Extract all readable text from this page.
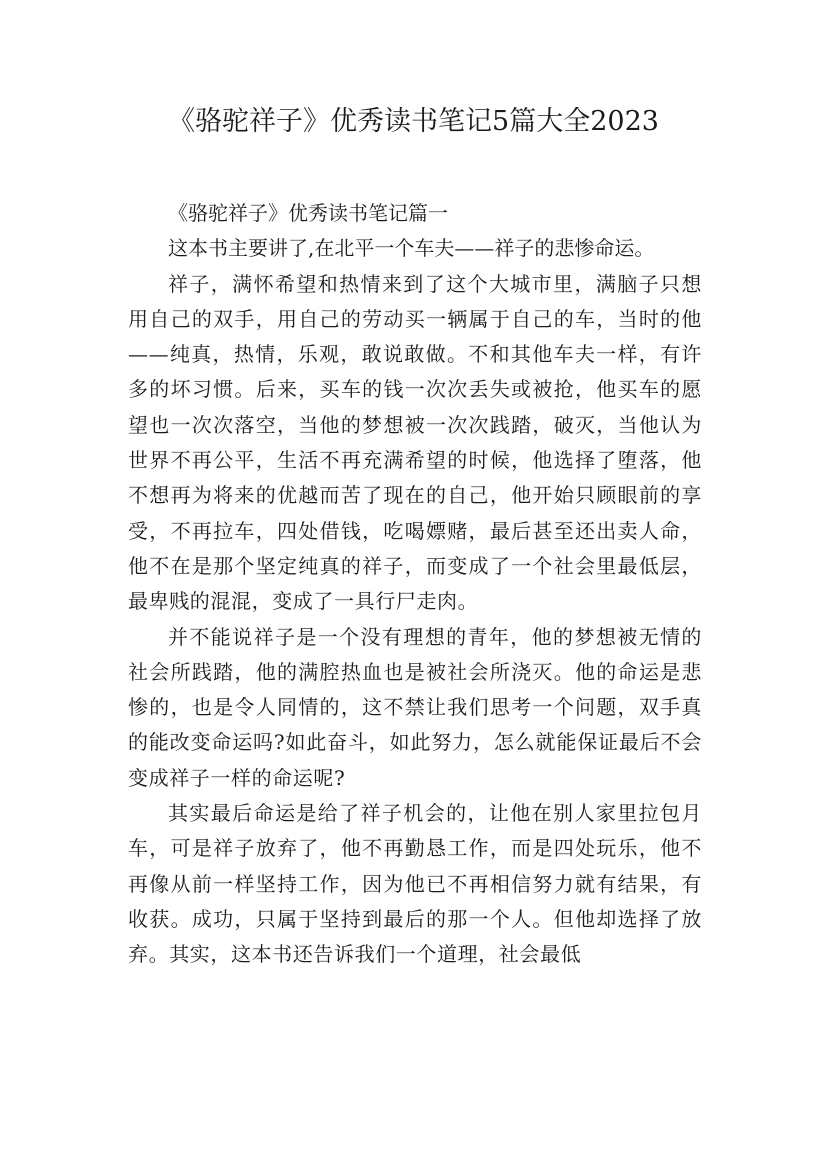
《骆驼祥子》优秀读书笔记5篇大全2023

《骆驼祥子》优秀读书笔记篇一

这本书主要讲了,在北平一个车夫——祥子的悲惨命运。

祥子，满怀希望和热情来到了这个大城市里，满脑子只想用自己的双手，用自己的劳动买一辆属于自己的车，当时的他——纯真，热情，乐观，敢说敢做。不和其他车夫一样，有许多的坏习惯。后来，买车的钱一次次丢失或被抢，他买车的愿望也一次次落空，当他的梦想被一次次践踏，破灭，当他认为世界不再公平，生活不再充满希望的时候，他选择了堕落，他不想再为将来的优越而苦了现在的自己，他开始只顾眼前的享受，不再拉车，四处借钱，吃喝嫖赌，最后甚至还出卖人命，他不在是那个坚定纯真的祥子，而变成了一个社会里最低层，最卑贱的混混，变成了一具行尸走肉。

并不能说祥子是一个没有理想的青年，他的梦想被无情的社会所践踏，他的满腔热血也是被社会所浇灭。他的命运是悲惨的，也是令人同情的，这不禁让我们思考一个问题，双手真的能改变命运吗?如此奋斗，如此努力，怎么就能保证最后不会变成祥子一样的命运呢?

其实最后命运是给了祥子机会的，让他在别人家里拉包月车，可是祥子放弃了，他不再勤恳工作，而是四处玩乐，他不再像从前一样坚持工作，因为他已不再相信努力就有结果，有收获。成功，只属于坚持到最后的那一个人。但他却选择了放弃。其实，这本书还告诉我们一个道理，社会最低
